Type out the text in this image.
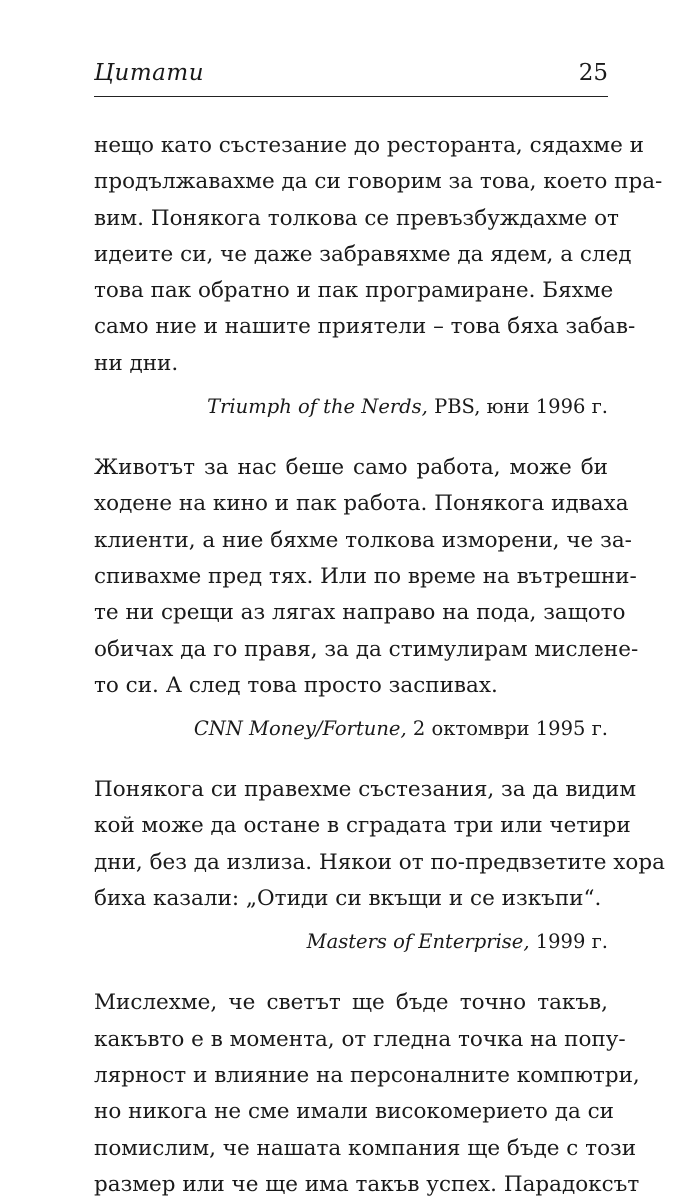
Цитати	25
нещо като състезание до ресторанта, сядахме и
продължавахме да си говорим за това, което пра-
вим. Понякога толкова се превъзбуждахме от
идеите си, че даже забравяхме да ядем, а след
това пак обратно и пак програмиране. Бяхме
само ние и нашите приятели – това бяха забав-
ни дни.
Triumph of the Nerds, PBS, юни 1996 г.
Животът за нас беше само работа, може би
ходене на кино и пак работа. Понякога идваха
клиенти, а ние бяхме толкова изморени, че за-
спивахме пред тях. Или по време на вътрешни-
те ни срещи аз лягах направо на пода, защото
обичах да го правя, за да стимулирам мислене-
то си. А след това просто заспивах.
CNN Money/Fortune, 2 октомври 1995 г.
Понякога си правехме състезания, за да видим
кой може да остане в сградата три или четири
дни, без да излиза. Някои от по-предвзетите хора
биха казали: „Отиди си вкъщи и се изкъпи“.
Masters of Enterprise, 1999 г.
Мислехме, че светът ще бъде точно такъв,
какъвто е в момента, от гледна точка на попу-
лярност и влияние на персоналните компютри,
но никога не сме имали високомерието да си
помислим, че нашата компания ще бъде с този
размер или че ще има такъв успех. Парадоксът
